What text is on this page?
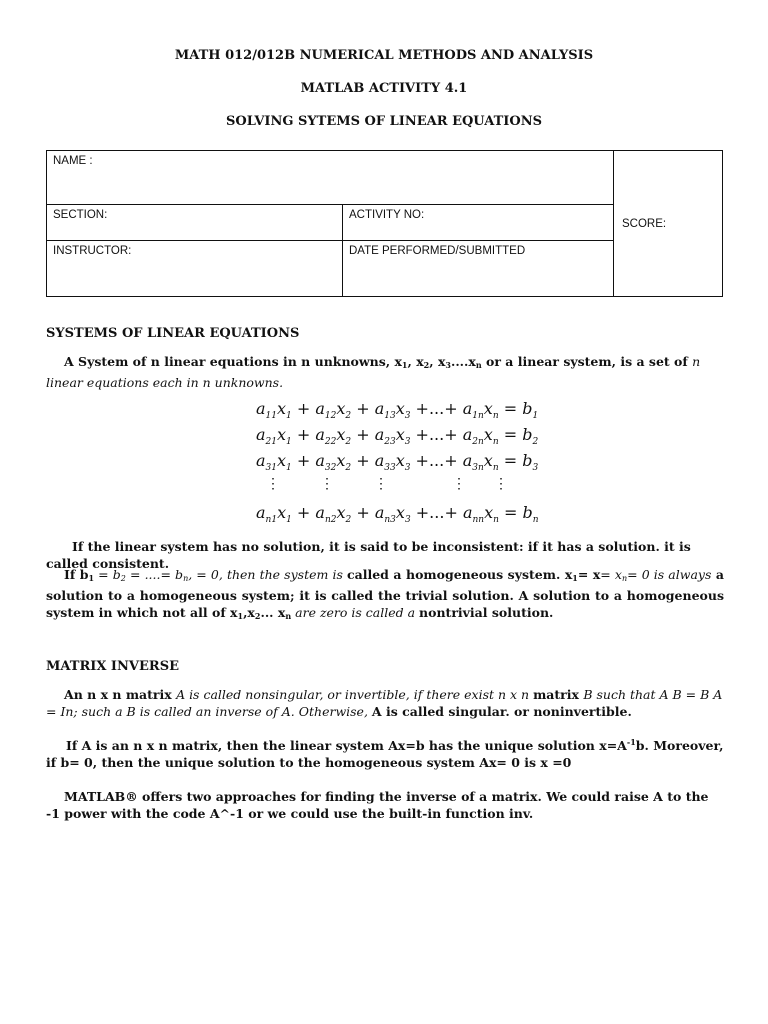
MATH 012/012B NUMERICAL METHODS AND ANALYSIS
MATLAB ACTIVITY 4.1
SOLVING SYTEMS OF LINEAR EQUATIONS
NAME :		SCORE:
SECTION:	ACTIVITY NO:	
INSTRUCTOR:	DATE PERFORMED/SUBMITTED	
SYSTEMS OF LINEAR EQUATIONS
A System of n linear equations in n unknowns, $x_1$, $x_2$, $x_3....x_n$ or a linear system, is a set of n linear equations each in n unknowns.
$a_{11}x_1 + a_{12}x_2 + a_{13}x_3$ +...+ $a_{1n}x_n = b_1$
$a_{21}x_1 + a_{22}x_2 + a_{23}x_3$ +...+ $a_{2n}x_n = b_2$
$a_{31}x_1 + a_{32}x_2 + a_{33}x_3$ +...+ $a_{3n}x_n = b_3$
⋮	⋮	⋮	⋮ ⋮
$a_{n1}x_1 + a_{n2}x_2 + a_{n3}x_3$ +...+ $a_{nn}x_n = b_n$
If the linear system has no solution, it is said to be inconsistent: if it has a solution. it is called consistent.
If $b_1 = b_2$ = ....= $b_n$, = 0, then the system is called a homogeneous system. $x_1= x= x_n= 0$ is always a solution to a homogeneous system; it is called the trivial solution. A solution to a homogeneous system in which not all of $x_1,x_2$... $x_n$ are zero is called a nontrivial solution.
MATRIX INVERSE
An n x n matrix A is called nonsingular, or invertible, if there exist n x n matrix B such that A B = B A = In; such a B is called an inverse of A. Otherwise, A is called singular. or noninvertible.
If A is an n x n matrix, then the linear system Ax=b has the unique solution $x=A^{-1}b$. Moreover, if b= 0, then the unique solution to the homogeneous system Ax= 0 is x =0
MATLAB® offers two approaches for finding the inverse of a matrix. We could raise A to the -1 power with the code A^-1 or we could use the built-in function inv.
